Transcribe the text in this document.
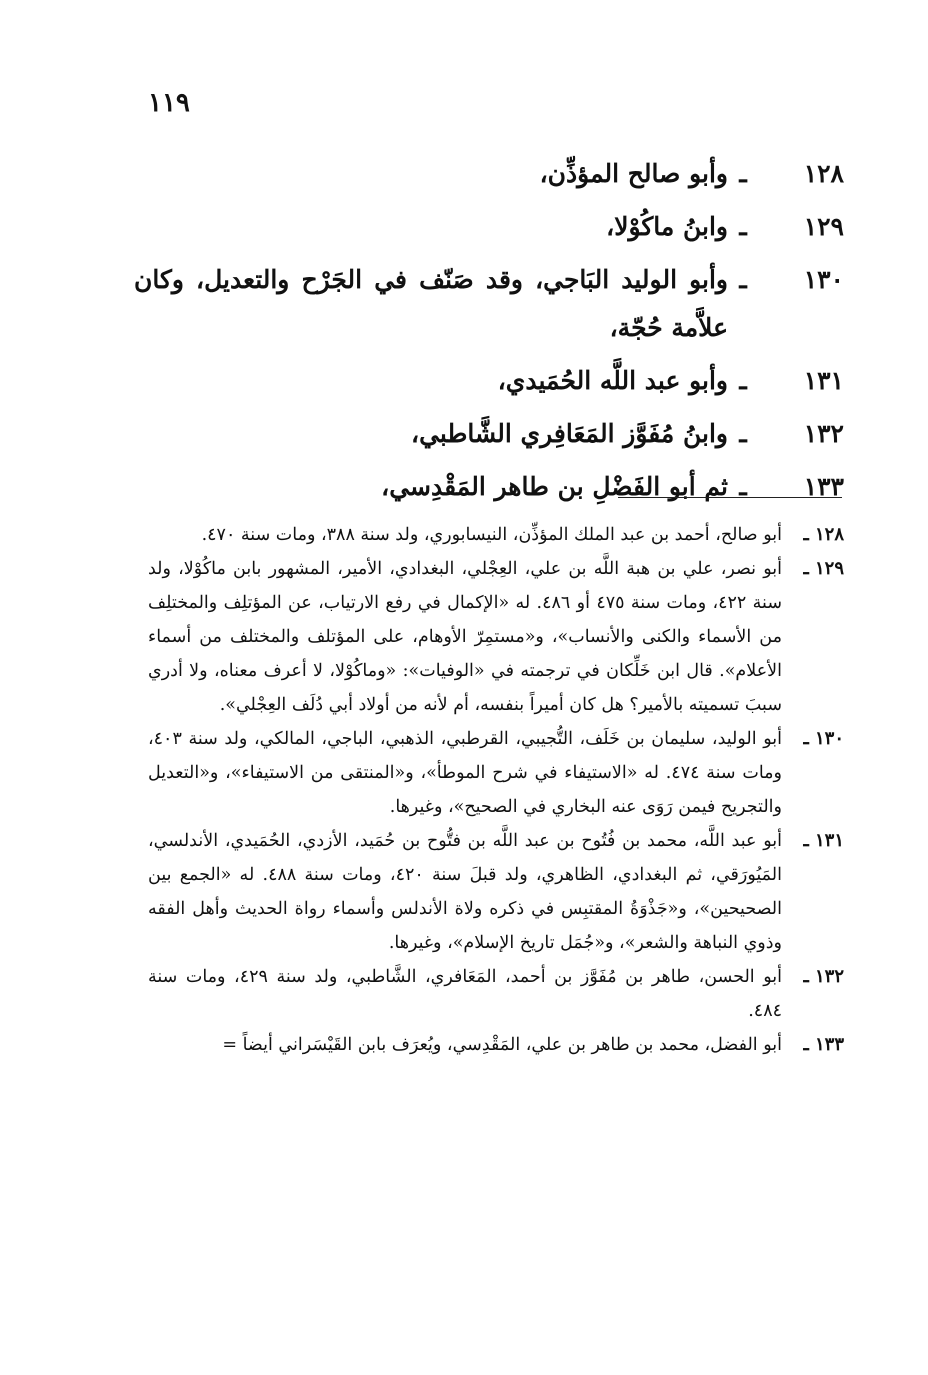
١١٩
١٢٨
ـ
وأبو صالح المؤذِّن،
١٢٩
ـ
وابنُ ماكُوْلا،
١٣٠
ـ
وأبو الوليد البَاجي، وقد صَنّف في الجَرْح والتعديل، وكان علاَّمة حُجّة،
١٣١
ـ
وأبو عبد اللَّه الحُمَيدي،
١٣٢
ـ
وابنُ مُفَوَّز المَعَافِري الشَّاطبي،
١٣٣
ـ
ثم أبو الفَضْلِ بن طاهر المَقْدِسي،
١٢٨ ـ
أبو صالح، أحمد بن عبد الملك المؤذِّن، النيسابوري، ولد سنة ٣٨٨، ومات سنة ٤٧٠.
١٢٩ ـ
أبو نصر، علي بن هبة اللَّه بن علي، العِجْلي، البغدادي، الأمير، المشهور بابن ماكُوْلا، ولد سنة ٤٢٢، ومات سنة ٤٧٥ أو ٤٨٦. له «الإكمال في رفع الارتياب، عن المؤتلِف والمختلِف من الأسماء والكنى والأنساب»، و«مستمِرّ الأوهام، على المؤتلف والمختلف من أسماء الأعلام». قال ابن خَلِّكان في ترجمته في «الوفيات»: «وماكُوْلا، لا أعرف معناه، ولا أدري سببَ تسميته بالأمير؟ هل كان أميراً بنفسه، أم لأنه من أولاد أبي دُلَف العِجْلي».
١٣٠ ـ
أبو الوليد، سليمان بن خَلَف، التُّجيبي، القرطبي، الذهبي، الباجي، المالكي، ولد سنة ٤٠٣، ومات سنة ٤٧٤. له «الاستيفاء في شرح الموطأ»، و«المنتقى من الاستيفاء»، و«التعديل والتجريح فيمن رَوَى عنه البخاري في الصحيح»، وغيرها.
١٣١ ـ
أبو عبد اللَّه، محمد بن فُتُوح بن عبد اللَّه بن فتُّوح بن حُمَيد، الأزدي، الحُمَيدي، الأندلسي، المَيُورَقي، ثم البغدادي، الظاهري، ولد قبلَ سنة ٤٢٠، ومات سنة ٤٨٨. له «الجمع بين الصحيحين»، و«جَذْوَةُ المقتبِس في ذكره ولاة الأندلس وأسماء رواة الحديث وأهل الفقه وذوي النباهة والشعر»، و«جُمَل تاريخ الإسلام»، وغيرها.
١٣٢ ـ
أبو الحسن، طاهر بن مُفَوَّز بن أحمد، المَعَافري، الشَّاطبي، ولد سنة ٤٢٩، ومات سنة ٤٨٤.
١٣٣ ـ
أبو الفضل، محمد بن طاهر بن علي، المَقْدِسي، ويُعرَف بابن القَيْسَراني أيضاً =
